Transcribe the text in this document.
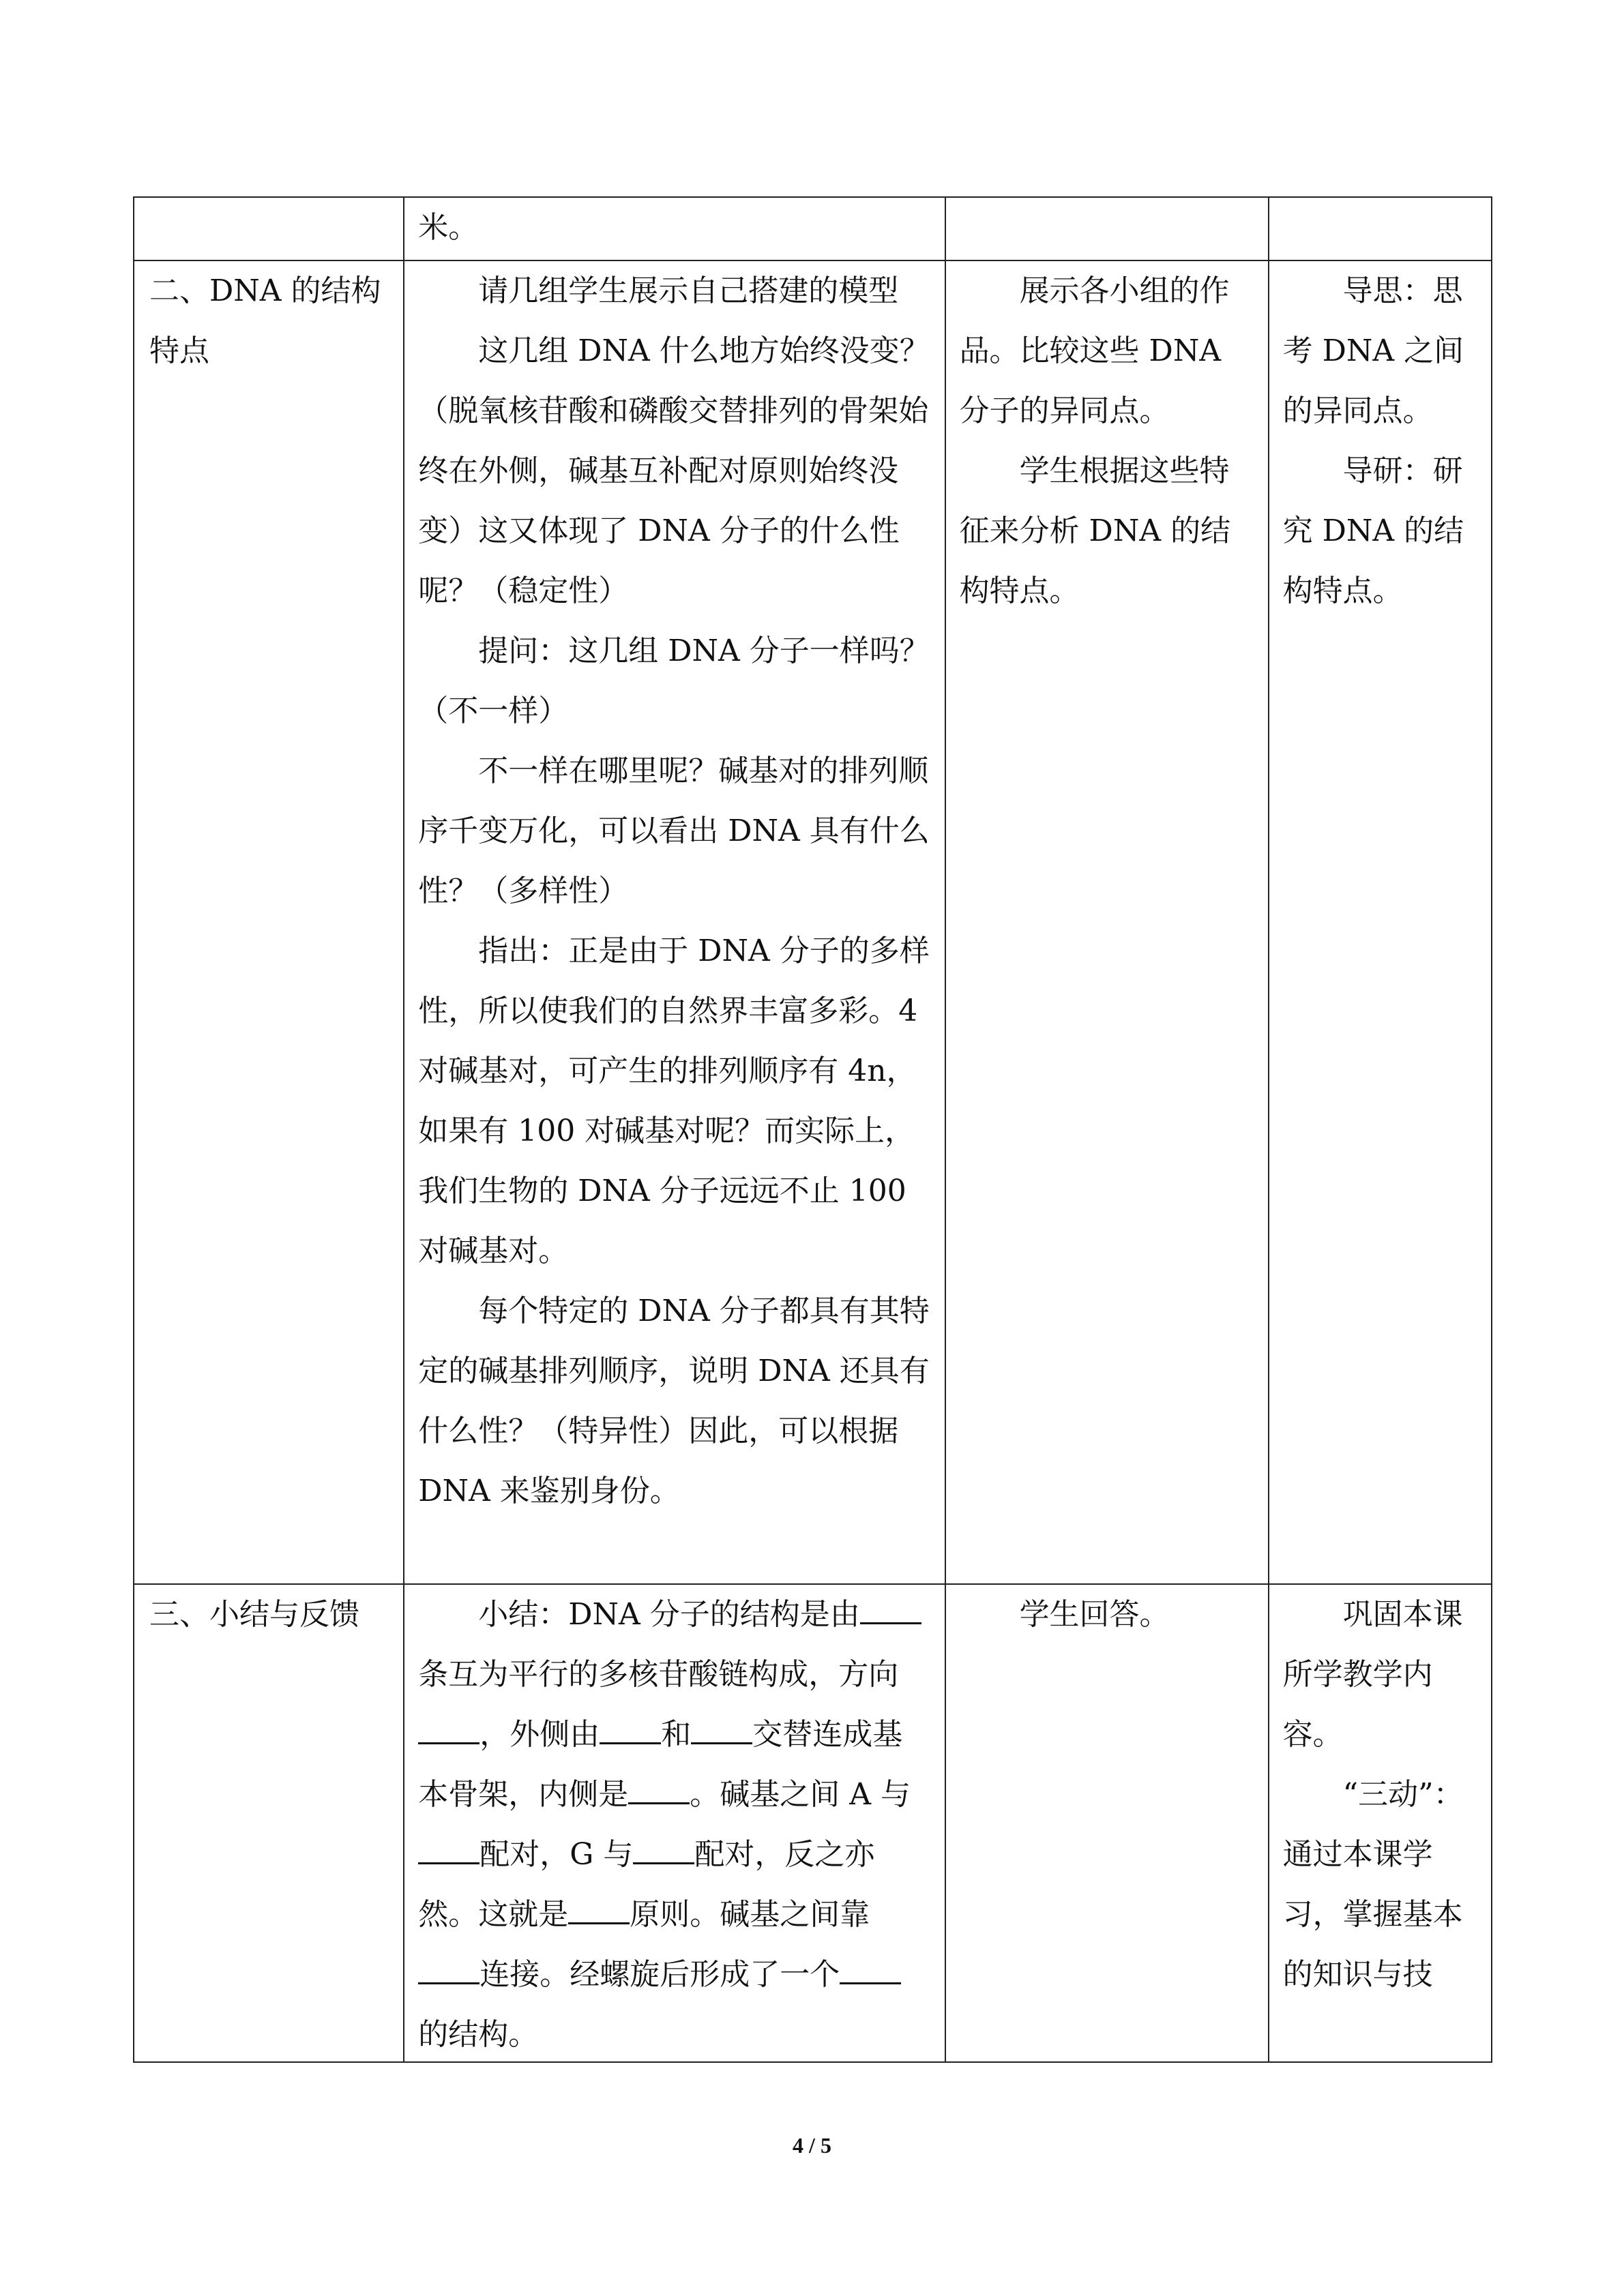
米。

二、DNA 的结构特点

请几组学生展示自己搭建的模型

这几组 DNA 什么地方始终没变？（脱氧核苷酸和磷酸交替排列的骨架始终在外侧，碱基互补配对原则始终没变）这又体现了 DNA 分子的什么性呢？（稳定性）

提问：这几组 DNA 分子一样吗？（不一样）

不一样在哪里呢？碱基对的排列顺序千变万化，可以看出 DNA 具有什么性？（多样性）

指出：正是由于 DNA 分子的多样性，所以使我们的自然界丰富多彩。4 对碱基对，可产生的排列顺序有 4n，如果有 100 对碱基对呢？而实际上，我们生物的 DNA 分子远远不止 100 对碱基对。

每个特定的 DNA 分子都具有其特定的碱基排列顺序，说明 DNA 还具有什么性？（特异性）因此，可以根据 DNA 来鉴别身份。

展示各小组的作品。比较这些 DNA 分子的异同点。

学生根据这些特征来分析 DNA 的结构特点。

导思：思考 DNA 之间的异同点。

导研：研究 DNA 的结构特点。

三、小结与反馈	小结：DNA 分子的结构是由条互为平行的多核苷酸链构成，方向，外侧由 和 交替连成基本骨架，内侧是 。碱基之间 A 与配对，G 与 配对，反之亦然。这就是 原则。碱基之间靠连接。经螺旋后形成了一个的结构。

学生回答。	巩固本课所学教学内容。

“三动”：通过本课学习，掌握基本的知识与技

4 / 5
